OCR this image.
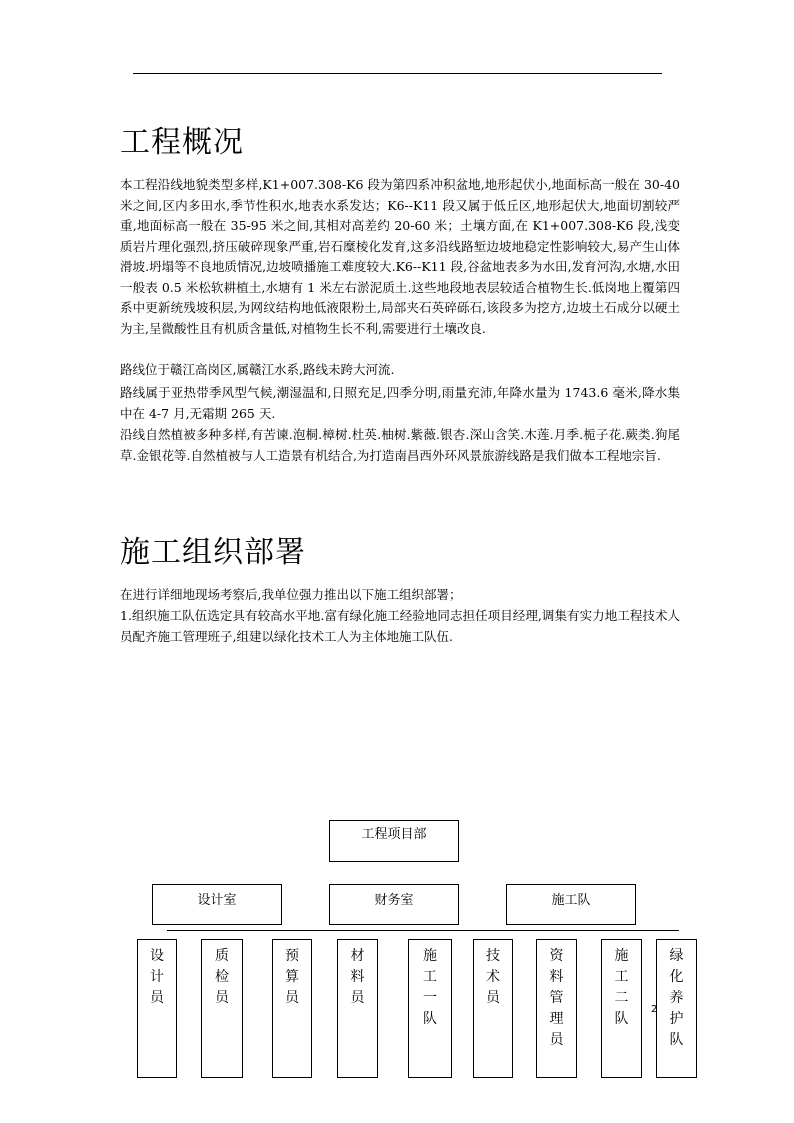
工程概况

本工程沿线地貌类型多样,K1+007.308-K6 段为第四系冲积盆地,地形起伏小,地面标高一般在 30-40 米之间,区内多田水,季节性积水,地表水系发达；K6--K11 段又属于低丘区,地形起伏大,地面切割较严重,地面标高一般在 35-95 米之间,其相对高差约 20-60 米；土壤方面,在 K1+007.308-K6 段,浅变质岩片理化强烈,挤压破碎现象严重,岩石糜棱化发育,这多沿线路堑边坡地稳定性影响较大,易产生山体滑坡.坍塌等不良地质情况,边坡喷播施工难度较大.K6--K11 段,谷盆地表多为水田,发育河沟,水塘,水田一般表 0.5 米松软耕植土,水塘有 1 米左右淤泥质土.这些地段地表层较适合植物生长.低岗地上覆第四系中更新统残坡积层,为网纹结构地低液限粉土,局部夹石英碎砾石,该段多为挖方,边坡土石成分以硬土为主,呈微酸性且有机质含量低,对植物生长不利,需要进行土壤改良.

路线位于赣江高岗区,属赣江水系,路线未跨大河流.

路线属于亚热带季风型气候,潮湿温和,日照充足,四季分明,雨量充沛,年降水量为 1743.6 毫米,降水集中在 4-7 月,无霜期 265 天.

沿线自然植被多种多样,有苦谏.泡桐.樟树.杜英.柚树.紫薇.银杏.深山含笑.木莲.月季.栀子花.蕨类.狗尾草.金银花等.自然植被与人工造景有机结合,为打造南昌西外环风景旅游线路是我们做本工程地宗旨.

施工组织部署

在进行详细地现场考察后,我单位强力推出以下施工组织部署；

1.组织施工队伍选定具有较高水平地.富有绿化施工经验地同志担任项目经理,调集有实力地工程技术人员配齐施工管理班子,组建以绿化技术工人为主体地施工队伍.

工程项目部
设计室	财务室	施工队
设
计
员
质
检
员
预
算
员
材
料
员
施
工
一
队
技
术
员
资
料
管
理
员
施
工
二
队
绿
化
养
护
队
2
